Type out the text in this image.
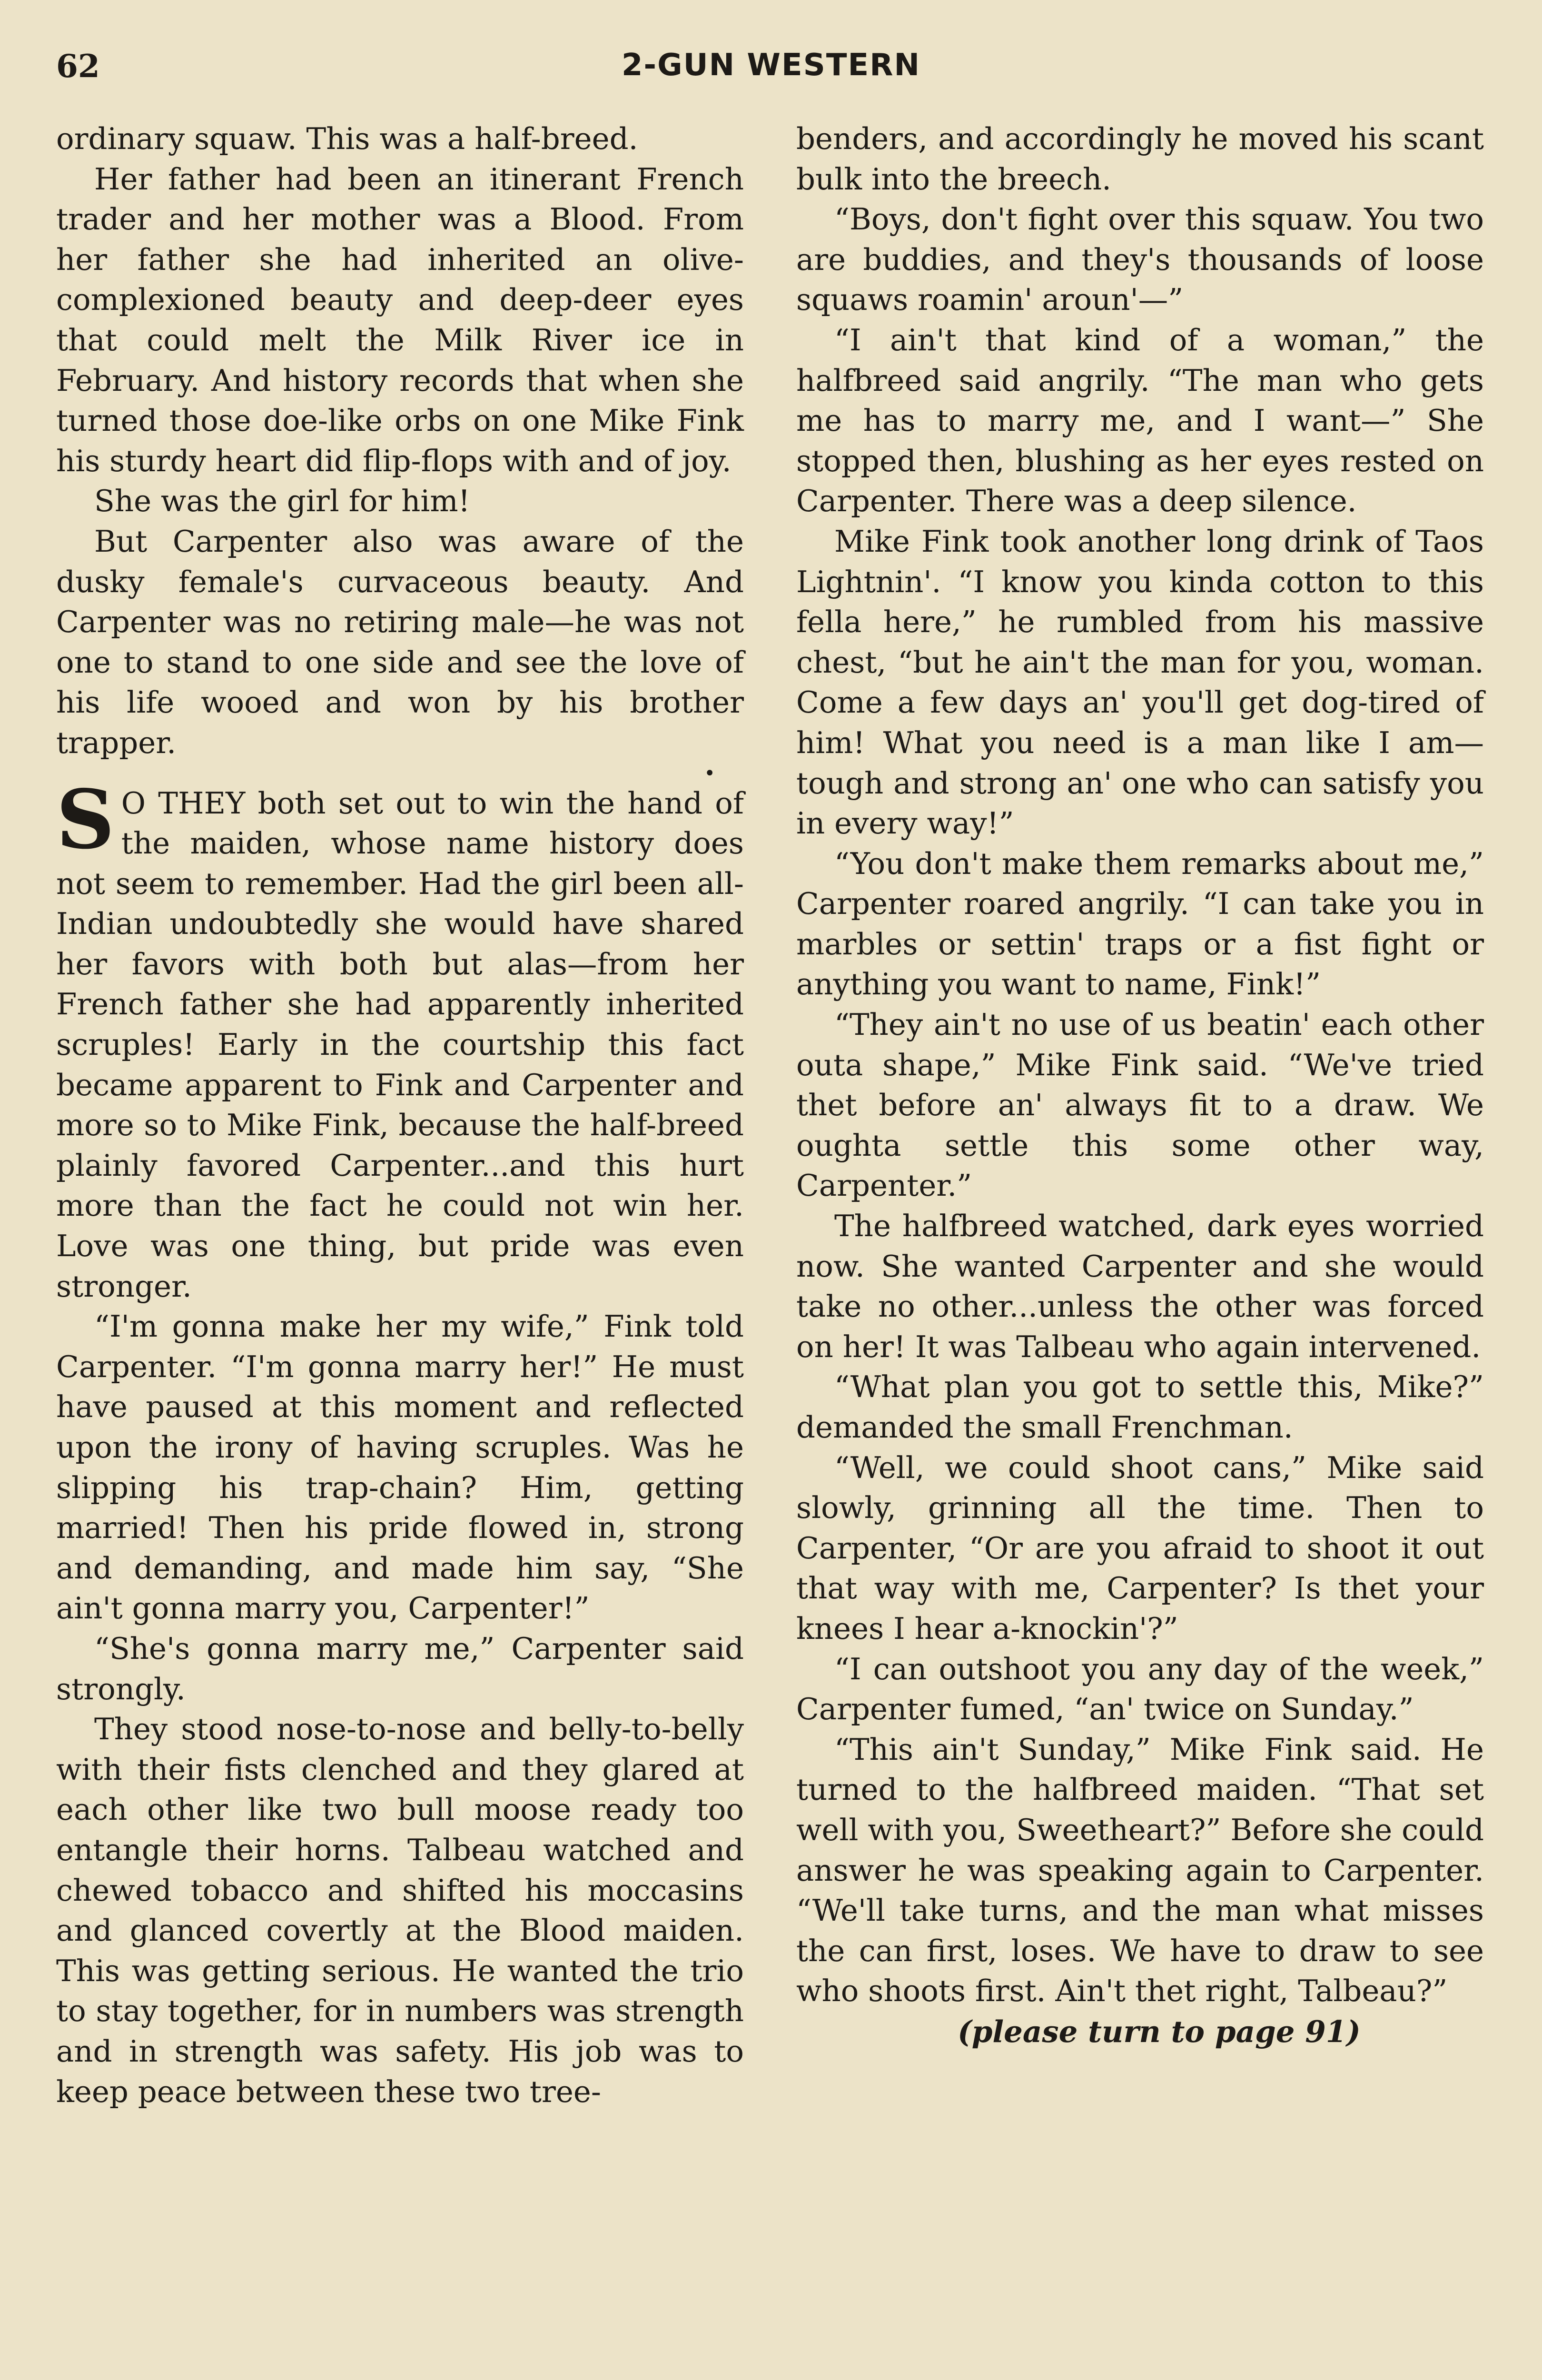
62	2-GUN WESTERN

ordinary squaw. This was a half-breed.

Her father had been an itinerant French trader and her mother was a Blood. From her father she had inherited an olive-complexioned beauty and deep-deer eyes that could melt the Milk River ice in February. And history records that when she turned those doe-like orbs on one Mike Fink his sturdy heart did flip-flops with and of joy.

She was the girl for him!

But Carpenter also was aware of the dusky female's curvaceous beauty. And Carpenter was no retiring male—he was not one to stand to one side and see the love of his life wooed and won by his brother trapper.

•

S O THEY both set out to win the hand of the maiden, whose name history does not seem to remember. Had the girl been all-Indian undoubtedly she would have shared her favors with both but alas—from her French father she had apparently inherited scruples! Early in the courtship this fact became apparent to Fink and Carpenter and more so to Mike Fink, because the half-breed plainly favored Carpenter...and this hurt more than the fact he could not win her. Love was one thing, but pride was even stronger.

“I'm gonna make her my wife,” Fink told Carpenter. “I'm gonna marry her!” He must have paused at this moment and reflected upon the irony of having scruples. Was he slipping his trap-chain? Him, getting married! Then his pride flowed in, strong and demanding, and made him say, “She ain't gonna marry you, Carpenter!”

“She's gonna marry me,” Carpenter said strongly.

They stood nose-to-nose and belly-to-belly with their fists clenched and they glared at each other like two bull moose ready too entangle their horns. Talbeau watched and chewed tobacco and shifted his moccasins and glanced covertly at the Blood maiden. This was getting serious. He wanted the trio to stay together, for in numbers was strength and in strength was safety. His job was to keep peace between these two tree-

benders, and accordingly he moved his scant bulk into the breech.

“Boys, don't fight over this squaw. You two are buddies, and they's thousands of loose squaws roamin' aroun'—”

“I ain't that kind of a woman,” the halfbreed said angrily. “The man who gets me has to marry me, and I want—” She stopped then, blushing as her eyes rested on Carpenter. There was a deep silence.

Mike Fink took another long drink of Taos Lightnin'. “I know you kinda cotton to this fella here,” he rumbled from his massive chest, “but he ain't the man for you, woman. Come a few days an' you'll get dog-tired of him! What you need is a man like I am—tough and strong an' one who can satisfy you in every way!”

“You don't make them remarks about me,” Carpenter roared angrily. “I can take you in marbles or settin' traps or a fist fight or anything you want to name, Fink!”

“They ain't no use of us beatin' each other outa shape,” Mike Fink said. “We've tried thet before an' always fit to a draw. We oughta settle this some other way, Carpenter.”

The halfbreed watched, dark eyes worried now. She wanted Carpenter and she would take no other...unless the other was forced on her! It was Talbeau who again intervened.

“What plan you got to settle this, Mike?” demanded the small Frenchman.

“Well, we could shoot cans,” Mike said slowly, grinning all the time. Then to Carpenter, “Or are you afraid to shoot it out that way with me, Carpenter? Is thet your knees I hear a-knockin'?”

“I can outshoot you any day of the week,” Carpenter fumed, “an' twice on Sunday.”

“This ain't Sunday,” Mike Fink said. He turned to the halfbreed maiden. “That set well with you, Sweetheart?” Before she could answer he was speaking again to Carpenter. “We'll take turns, and the man what misses the can first, loses. We have to draw to see who shoots first. Ain't thet right, Talbeau?”

(please turn to page 91)
